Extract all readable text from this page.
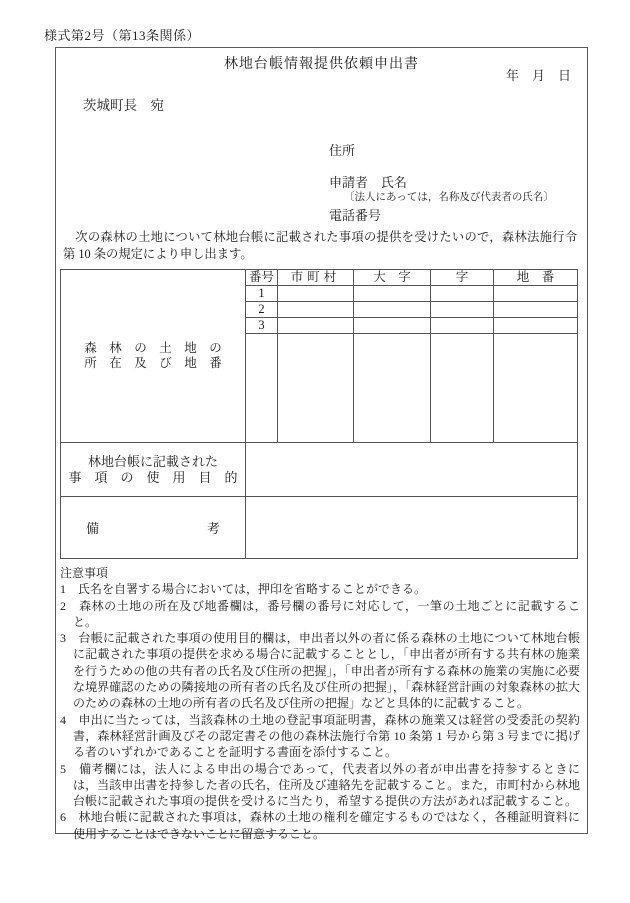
様式第2号（第13条関係）
林地台帳情報提供依頼申出書
年　月　日
茨城町長　宛
住所
申請者　氏名
〔法人にあっては，名称及び代表者の氏名〕
電話番号
次の森林の土地について林地台帳に記載された事項の提供を受けたいので，森林法施行令第 10 条の規定により申し出ます。
森　林　の　土　地　の
所　在　及　び　地　番	番号	市町村	大　字	字	地　番
	1				
	2				
	3				

林地台帳に記載された
事　項　の　使　用　目　的					

備 考					

注意事項
1　氏名を自署する場合においては，押印を省略することができる。
2　森林の土地の所在及び地番欄は，番号欄の番号に対応して，一筆の土地ごとに記載すること。
3　台帳に記載された事項の使用目的欄は，申出者以外の者に係る森林の土地について林地台帳に記載された事項の提供を求める場合に記載することとし，「申出者が所有する共有林の施業を行うための他の共有者の氏名及び住所の把握」，「申出者が所有する森林の施業の実施に必要な境界確認のための隣接地の所有者の氏名及び住所の把握」，「森林経営計画の対象森林の拡大のための森林の土地の所有者の氏名及び住所の把握」などと具体的に記載すること。
4　申出に当たっては，当該森林の土地の登記事項証明書，森林の施業又は経営の受委託の契約書，森林経営計画及びその認定書その他の森林法施行令第 10 条第 1 号から第 3 号までに掲げる者のいずれかであることを証明する書面を添付すること。
5　備考欄には，法人による申出の場合であって，代表者以外の者が申出書を持参するときには，当該申出書を持参した者の氏名，住所及び連絡先を記載すること。また，市町村から林地台帳に記載された事項の提供を受けるに当たり，希望する提供の方法があれば記載すること。
6　林地台帳に記載された事項は，森林の土地の権利を確定するものではなく，各種証明資料に使用することはできないことに留意すること。
